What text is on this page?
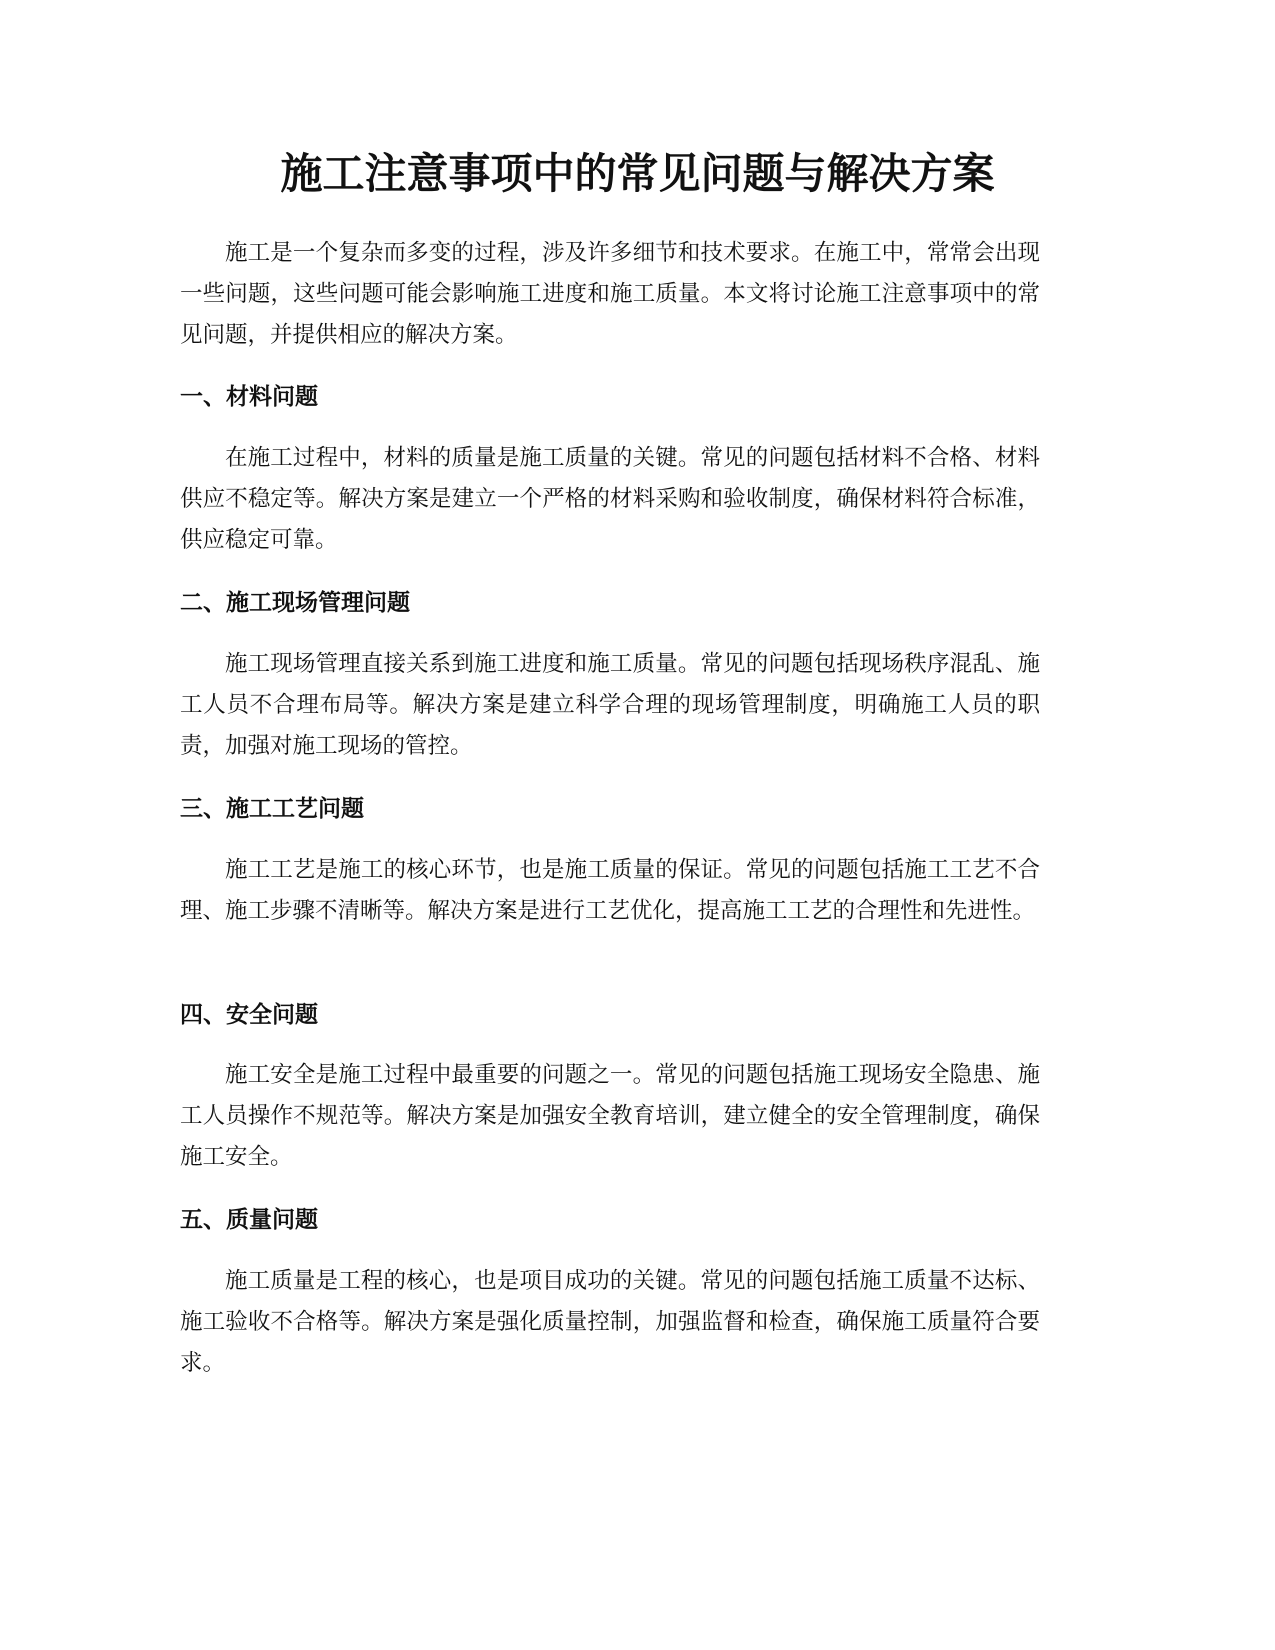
施工注意事项中的常见问题与解决方案

施工是一个复杂而多变的过程，涉及许多细节和技术要求。在施工中，常常会出现一些问题，这些问题可能会影响施工进度和施工质量。本文将讨论施工注意事项中的常见问题，并提供相应的解决方案。

一、材料问题

在施工过程中，材料的质量是施工质量的关键。常见的问题包括材料不合格、材料供应不稳定等。解决方案是建立一个严格的材料采购和验收制度，确保材料符合标准，供应稳定可靠。

二、施工现场管理问题

施工现场管理直接关系到施工进度和施工质量。常见的问题包括现场秩序混乱、施工人员不合理布局等。解决方案是建立科学合理的现场管理制度，明确施工人员的职责，加强对施工现场的管控。

三、施工工艺问题

施工工艺是施工的核心环节，也是施工质量的保证。常见的问题包括施工工艺不合理、施工步骤不清晰等。解决方案是进行工艺优化，提高施工工艺的合理性和先进性。

四、安全问题

施工安全是施工过程中最重要的问题之一。常见的问题包括施工现场安全隐患、施工人员操作不规范等。解决方案是加强安全教育培训，建立健全的安全管理制度，确保施工安全。

五、质量问题

施工质量是工程的核心，也是项目成功的关键。常见的问题包括施工质量不达标、施工验收不合格等。解决方案是强化质量控制，加强监督和检查，确保施工质量符合要求。
